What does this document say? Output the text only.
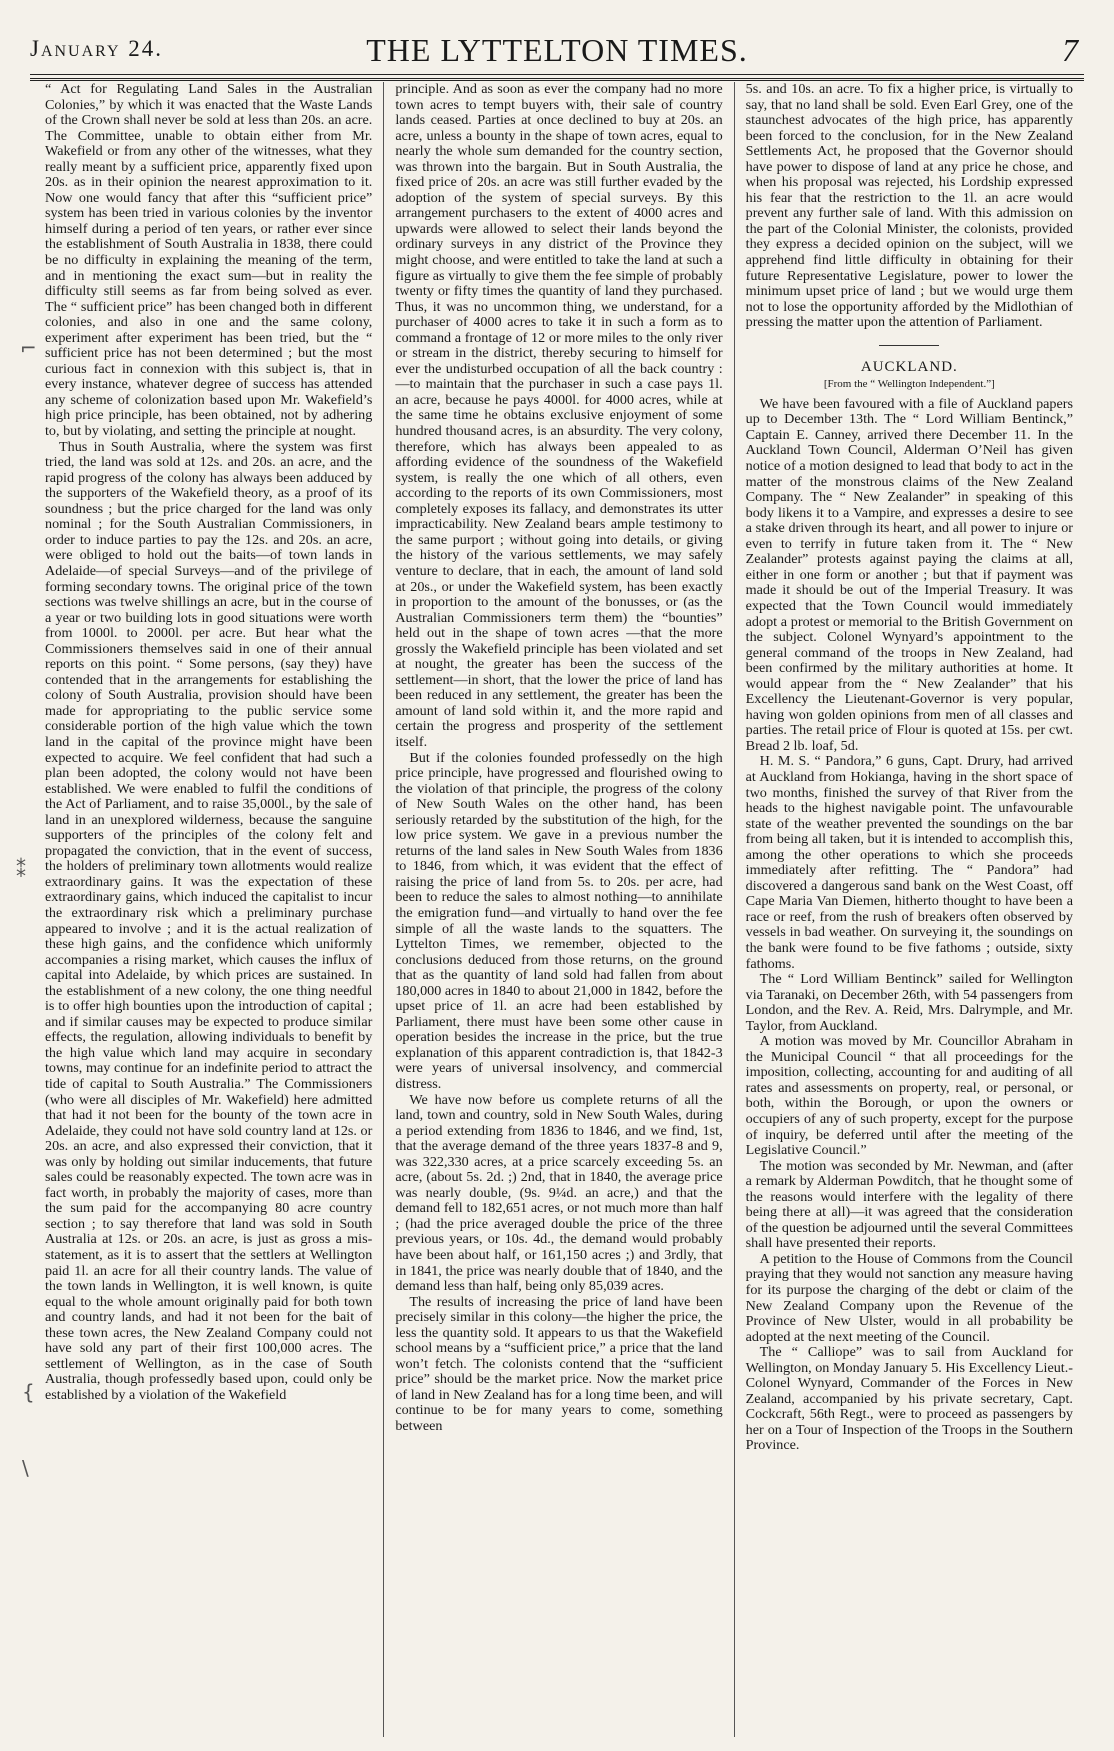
January 24.	THE LYTTELTON TIMES.	7
⌐
⁑
{
\

“ Act for Regulating Land Sales in the Australian Colonies,” by which it was enacted that the Waste Lands of the Crown shall never be sold at less than 20s. an acre. The Committee, unable to obtain either from Mr. Wakefield or from any other of the witnesses, what they really meant by a sufficient price, apparently fixed upon 20s. as in their opinion the nearest approximation to it. Now one would fancy that after this “sufficient price” system has been tried in various colonies by the inventor himself during a period of ten years, or rather ever since the establishment of South Australia in 1838, there could be no difficulty in explaining the meaning of the term, and in mentioning the exact sum—but in reality the difficulty still seems as far from being solved as ever. The “ sufficient price” has been changed both in different colonies, and also in one and the same colony, experiment after experiment has been tried, but the “ sufficient price has not been determined ; but the most curious fact in connexion with this subject is, that in every instance, whatever degree of success has attended any scheme of colonization based upon Mr. Wakefield’s high price principle, has been obtained, not by adhering to, but by violating, and setting the principle at nought.

Thus in South Australia, where the system was first tried, the land was sold at 12s. and 20s. an acre, and the rapid progress of the colony has always been adduced by the supporters of the Wakefield theory, as a proof of its soundness ; but the price charged for the land was only nominal ; for the South Australian Commissioners, in order to induce parties to pay the 12s. and 20s. an acre, were obliged to hold out the baits—of town lands in Adelaide—of special Surveys—and of the privilege of forming secondary towns. The original price of the town sections was twelve shillings an acre, but in the course of a year or two building lots in good situations were worth from 1000l. to 2000l. per acre. But hear what the Commissioners themselves said in one of their annual reports on this point. “ Some persons, (say they) have contended that in the arrangements for establishing the colony of South Australia, provision should have been made for appropriating to the public service some considerable portion of the high value which the town land in the capital of the province might have been expected to acquire. We feel confident that had such a plan been adopted, the colony would not have been established. We were enabled to fulfil the conditions of the Act of Parliament, and to raise 35,000l., by the sale of land in an unexplored wilderness, because the sanguine supporters of the principles of the colony felt and propagated the conviction, that in the event of success, the holders of preliminary town allotments would realize extraordinary gains. It was the expectation of these extraordinary gains, which induced the capitalist to incur the extraordinary risk which a preliminary purchase appeared to involve ; and it is the actual realization of these high gains, and the confidence which uniformly accompanies a rising market, which causes the influx of capital into Adelaide, by which prices are sustained. In the establishment of a new colony, the one thing needful is to offer high bounties upon the introduction of capital ; and if similar causes may be expected to produce similar effects, the regulation, allowing individuals to benefit by the high value which land may acquire in secondary towns, may continue for an indefinite period to attract the tide of capital to South Australia.” The Commissioners (who were all disciples of Mr. Wakefield) here admitted that had it not been for the bounty of the town acre in Adelaide, they could not have sold country land at 12s. or 20s. an acre, and also expressed their conviction, that it was only by holding out similar inducements, that future sales could be reasonably expected. The town acre was in fact worth, in probably the majority of cases, more than the sum paid for the accompanying 80 acre country section ; to say therefore that land was sold in South Australia at 12s. or 20s. an acre, is just as gross a mis-statement, as it is to assert that the settlers at Wellington paid 1l. an acre for all their country lands. The value of the town lands in Wellington, it is well known, is quite equal to the whole amount originally paid for both town and country lands, and had it not been for the bait of these town acres, the New Zealand Company could not have sold any part of their first 100,000 acres. The settlement of Wellington, as in the case of South Australia, though professedly based upon, could only be established by a violation of the Wakefield

principle. And as soon as ever the company had no more town acres to tempt buyers with, their sale of country lands ceased. Parties at once declined to buy at 20s. an acre, unless a bounty in the shape of town acres, equal to nearly the whole sum demanded for the country section, was thrown into the bargain. But in South Australia, the fixed price of 20s. an acre was still further evaded by the adoption of the system of special surveys. By this arrangement purchasers to the extent of 4000 acres and upwards were allowed to select their lands beyond the ordinary surveys in any district of the Province they might choose, and were entitled to take the land at such a figure as virtually to give them the fee simple of probably twenty or fifty times the quantity of land they purchased. Thus, it was no uncommon thing, we understand, for a purchaser of 4000 acres to take it in such a form as to command a frontage of 12 or more miles to the only river or stream in the district, thereby securing to himself for ever the undisturbed occupation of all the back country : —to maintain that the purchaser in such a case pays 1l. an acre, because he pays 4000l. for 4000 acres, while at the same time he obtains exclusive enjoyment of some hundred thousand acres, is an absurdity. The very colony, therefore, which has always been appealed to as affording evidence of the soundness of the Wakefield system, is really the one which of all others, even according to the reports of its own Commissioners, most completely exposes its fallacy, and demonstrates its utter impracticability. New Zealand bears ample testimony to the same purport ; without going into details, or giving the history of the various settlements, we may safely venture to declare, that in each, the amount of land sold at 20s., or under the Wakefield system, has been exactly in proportion to the amount of the bonusses, or (as the Australian Commissioners term them) the “bounties” held out in the shape of town acres —that the more grossly the Wakefield principle has been violated and set at nought, the greater has been the success of the settlement—in short, that the lower the price of land has been reduced in any settlement, the greater has been the amount of land sold within it, and the more rapid and certain the progress and prosperity of the settlement itself.

But if the colonies founded professedly on the high price principle, have progressed and flourished owing to the violation of that principle, the progress of the colony of New South Wales on the other hand, has been seriously retarded by the substitution of the high, for the low price system. We gave in a previous number the returns of the land sales in New South Wales from 1836 to 1846, from which, it was evident that the effect of raising the price of land from 5s. to 20s. per acre, had been to reduce the sales to almost nothing—to annihilate the emigration fund—and virtually to hand over the fee simple of all the waste lands to the squatters. The Lyttelton Times, we remember, objected to the conclusions deduced from those returns, on the ground that as the quantity of land sold had fallen from about 180,000 acres in 1840 to about 21,000 in 1842, before the upset price of 1l. an acre had been established by Parliament, there must have been some other cause in operation besides the increase in the price, but the true explanation of this apparent contradiction is, that 1842-3 were years of universal insolvency, and commercial distress.

We have now before us complete returns of all the land, town and country, sold in New South Wales, during a period extending from 1836 to 1846, and we find, 1st, that the average demand of the three years 1837-8 and 9, was 322,330 acres, at a price scarcely exceeding 5s. an acre, (about 5s. 2d. ;) 2nd, that in 1840, the average price was nearly double, (9s. 9¼d. an acre,) and that the demand fell to 182,651 acres, or not much more than half ; (had the price averaged double the price of the three previous years, or 10s. 4d., the demand would probably have been about half, or 161,150 acres ;) and 3rdly, that in 1841, the price was nearly double that of 1840, and the demand less than half, being only 85,039 acres.

The results of increasing the price of land have been precisely similar in this colony—the higher the price, the less the quantity sold. It appears to us that the Wakefield school means by a “sufficient price,” a price that the land won’t fetch. The colonists contend that the “sufficient price” should be the market price. Now the market price of land in New Zealand has for a long time been, and will continue to be for many years to come, something between

5s. and 10s. an acre. To fix a higher price, is virtually to say, that no land shall be sold. Even Earl Grey, one of the staunchest advocates of the high price, has apparently been forced to the conclusion, for in the New Zealand Settlements Act, he proposed that the Governor should have power to dispose of land at any price he chose, and when his proposal was rejected, his Lordship expressed his fear that the restriction to the 1l. an acre would prevent any further sale of land. With this admission on the part of the Colonial Minister, the colonists, provided they express a decided opinion on the subject, will we apprehend find little difficulty in obtaining for their future Representative Legislature, power to lower the minimum upset price of land ; but we would urge them not to lose the opportunity afforded by the Midlothian of pressing the matter upon the attention of Parliament.

AUCKLAND.
[From the “ Wellington Independent.”]

We have been favoured with a file of Auckland papers up to December 13th. The “ Lord William Bentinck,” Captain E. Canney, arrived there December 11. In the Auckland Town Council, Alderman O’Neil has given notice of a motion designed to lead that body to act in the matter of the monstrous claims of the New Zealand Company. The “ New Zealander” in speaking of this body likens it to a Vampire, and expresses a desire to see a stake driven through its heart, and all power to injure or even to terrify in future taken from it. The “ New Zealander” protests against paying the claims at all, either in one form or another ; but that if payment was made it should be out of the Imperial Treasury. It was expected that the Town Council would immediately adopt a protest or memorial to the British Government on the subject. Colonel Wynyard’s appointment to the general command of the troops in New Zealand, had been confirmed by the military authorities at home. It would appear from the “ New Zealander” that his Excellency the Lieutenant-Governor is very popular, having won golden opinions from men of all classes and parties. The retail price of Flour is quoted at 15s. per cwt. Bread 2 lb. loaf, 5d.

H. M. S. “ Pandora,” 6 guns, Capt. Drury, had arrived at Auckland from Hokianga, having in the short space of two months, finished the survey of that River from the heads to the highest navigable point. The unfavourable state of the weather prevented the soundings on the bar from being all taken, but it is intended to accomplish this, among the other operations to which she proceeds immediately after refitting. The “ Pandora” had discovered a dangerous sand bank on the West Coast, off Cape Maria Van Diemen, hitherto thought to have been a race or reef, from the rush of breakers often observed by vessels in bad weather. On surveying it, the soundings on the bank were found to be five fathoms ; outside, sixty fathoms.

The “ Lord William Bentinck” sailed for Wellington via Taranaki, on December 26th, with 54 passengers from London, and the Rev. A. Reid, Mrs. Dalrymple, and Mr. Taylor, from Auckland.

A motion was moved by Mr. Councillor Abraham in the Municipal Council “ that all proceedings for the imposition, collecting, accounting for and auditing of all rates and assessments on property, real, or personal, or both, within the Borough, or upon the owners or occupiers of any of such property, except for the purpose of inquiry, be deferred until after the meeting of the Legislative Council.”

The motion was seconded by Mr. Newman, and (after a remark by Alderman Powditch, that he thought some of the reasons would interfere with the legality of there being there at all)—it was agreed that the consideration of the question be adjourned until the several Committees shall have presented their reports.

A petition to the House of Commons from the Council praying that they would not sanction any measure having for its purpose the charging of the debt or claim of the New Zealand Company upon the Revenue of the Province of New Ulster, would in all probability be adopted at the next meeting of the Council.

The “ Calliope” was to sail from Auckland for Wellington, on Monday January 5. His Excellency Lieut.-Colonel Wynyard, Commander of the Forces in New Zealand, accompanied by his private secretary, Capt. Cockcraft, 56th Regt., were to proceed as passengers by her on a Tour of Inspection of the Troops in the Southern Province.
